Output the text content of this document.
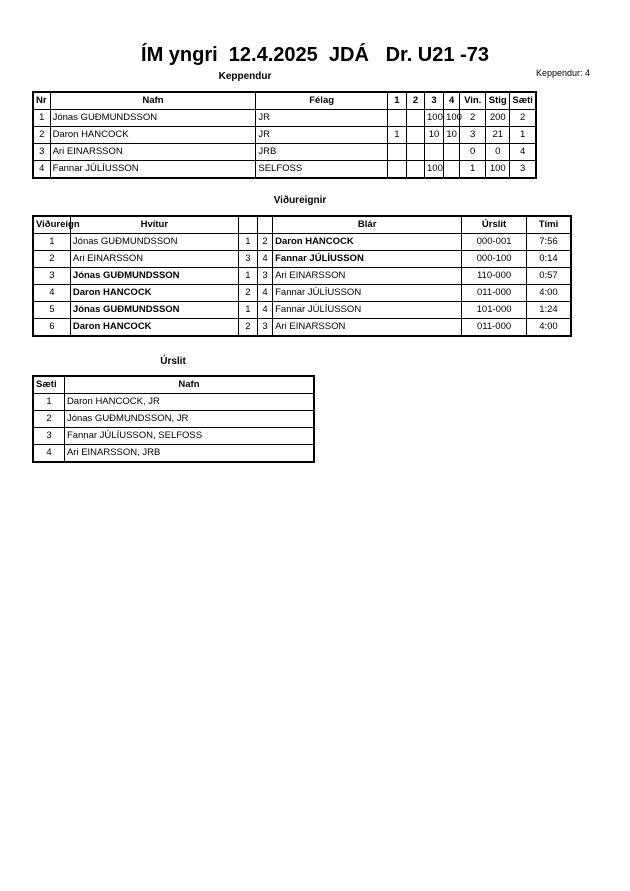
ÍM yngri  12.4.2025  JDÁ   Dr. U21 -73
Keppendur: 4
Keppendur
Nr	Nafn	Félag	1	2	3	4	Vin.	Stig	Sæti
1	Jónas GUÐMUNDSSON	JR			100	100	2	200	2
2	Daron HANCOCK	JR	1		10	10	3	21	1
3	Ari EINARSSON	JRB					0	0	4
4	Fannar JÚLÍUSSON	SELFOSS			100		1	100	3
Viðureignir
Viðureign	Hvítur			Blár	Úrslit	Tími
1	Jónas GUÐMUNDSSON	1	2	Daron HANCOCK	000-001	7:56
2	Ari EINARSSON	3	4	Fannar JÚLÍUSSON	000-100	0:14
3	Jónas GUÐMUNDSSON	1	3	Ari EINARSSON	110-000	0:57
4	Daron HANCOCK	2	4	Fannar JÚLÍUSSON	011-000	4:00
5	Jónas GUÐMUNDSSON	1	4	Fannar JÚLÍUSSON	101-000	1:24
6	Daron HANCOCK	2	3	Ari EINARSSON	011-000	4:00
Úrslit
Sæti	Nafn
1	Daron HANCOCK, JR
2	Jónas GUÐMUNDSSON, JR
3	Fannar JÚLÍUSSON, SELFOSS
4	Ari EINARSSON, JRB
